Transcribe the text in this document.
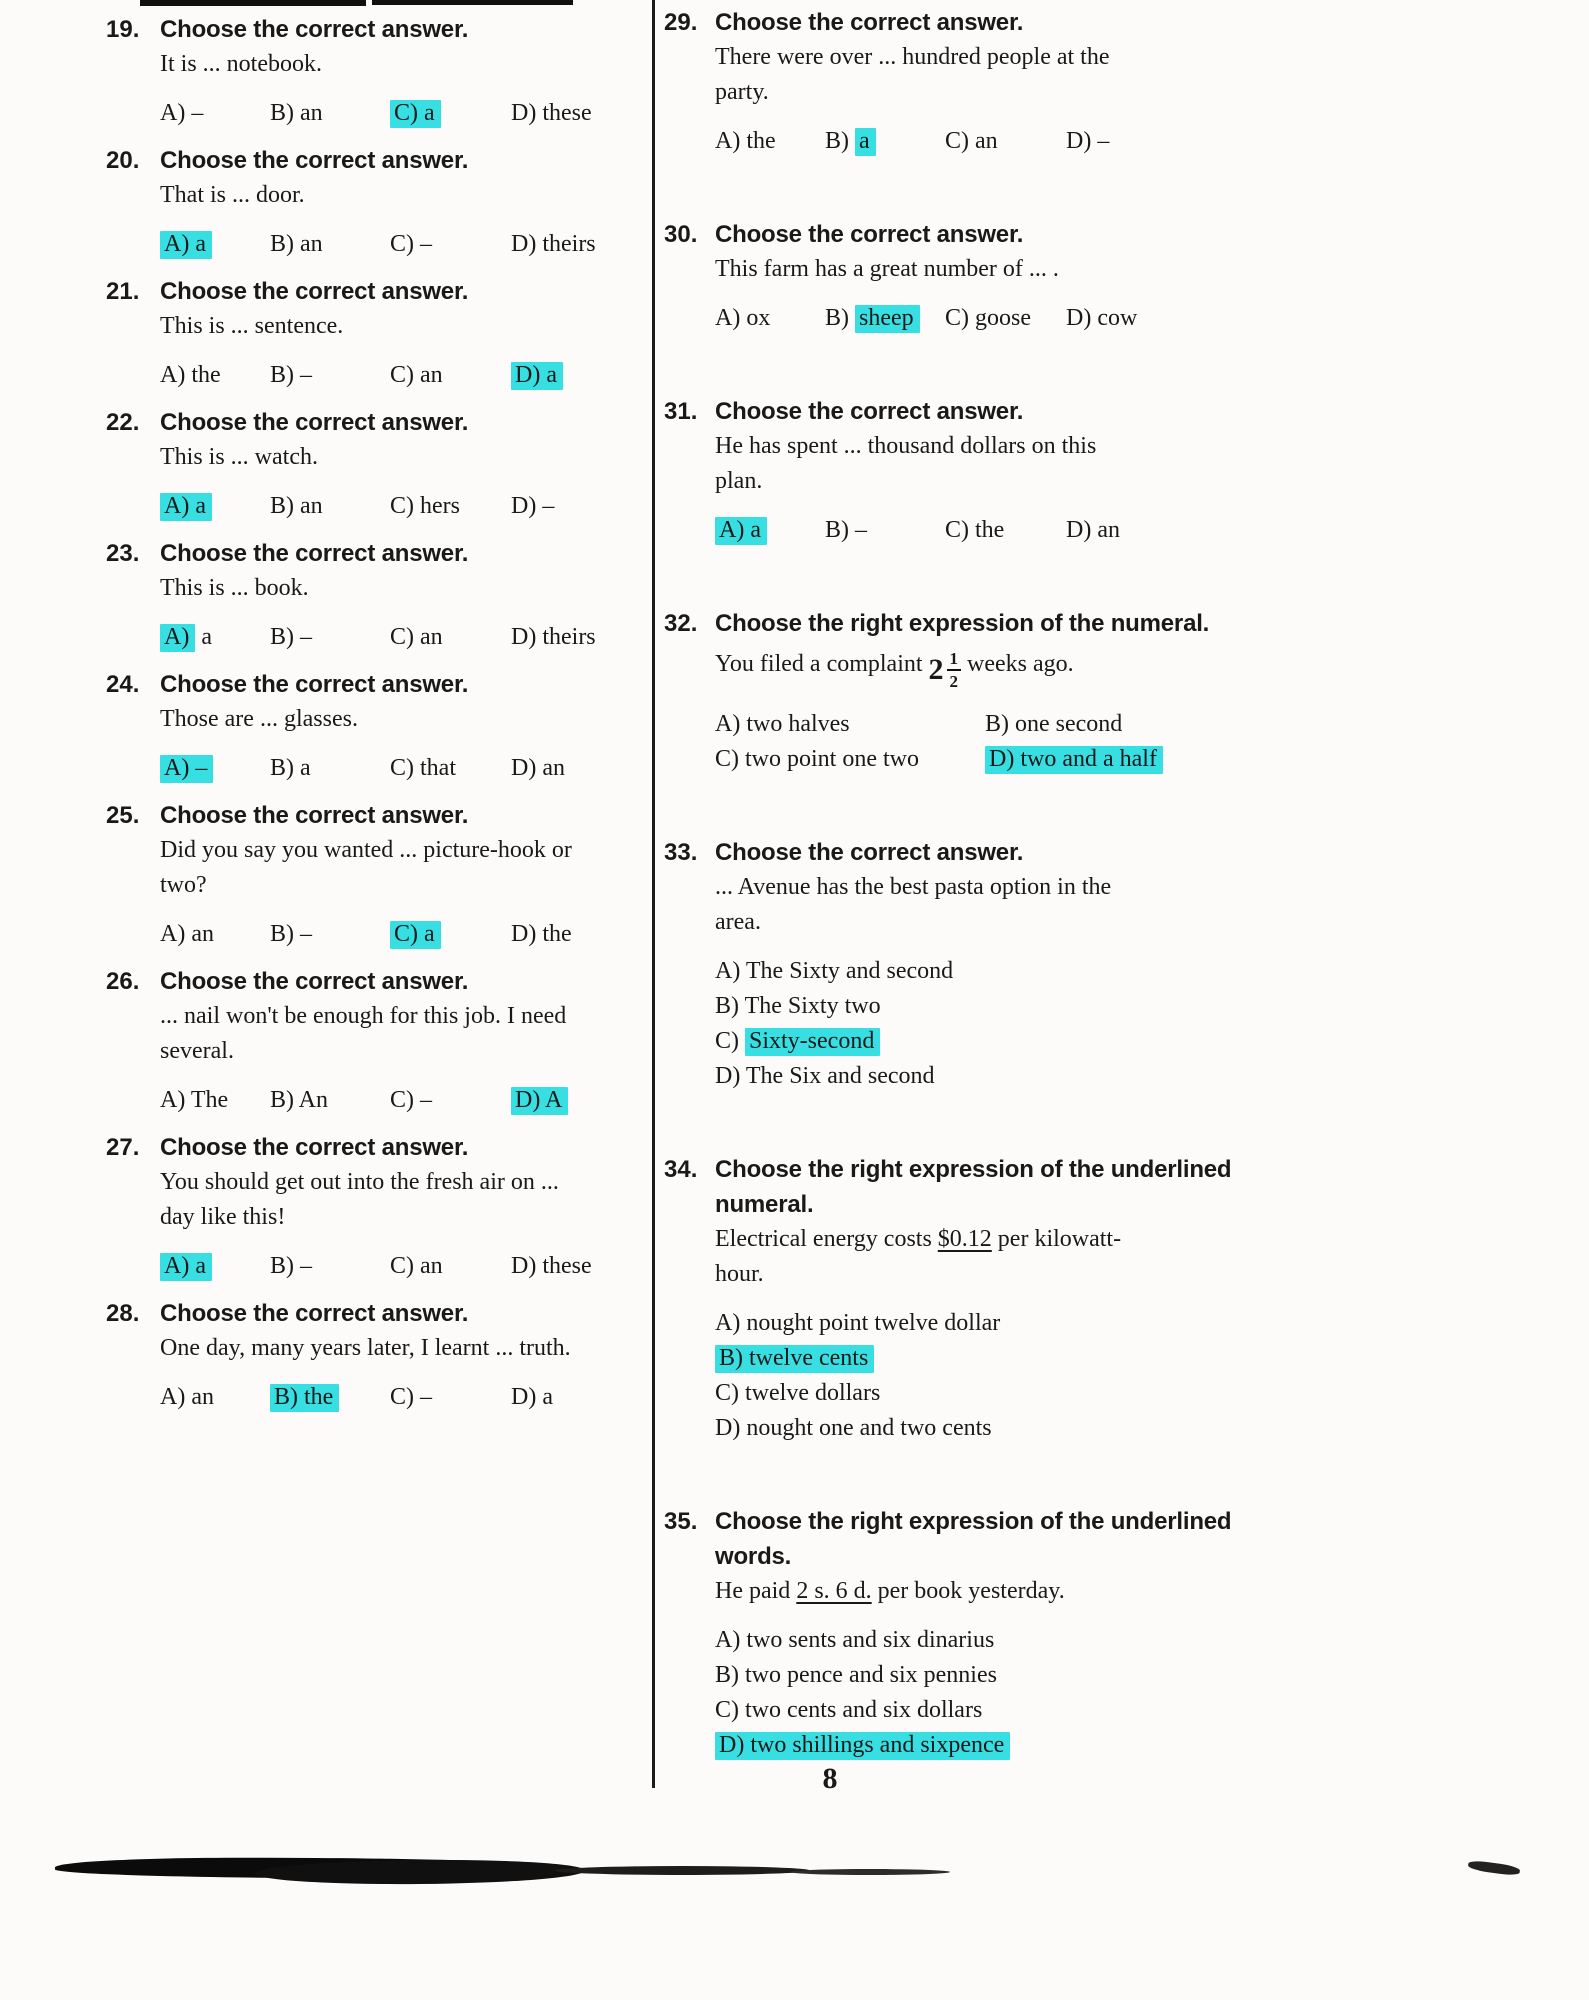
19. Choose the correct answer.
It is ... notebook.
A) –	B) an	C) a	D) these
20. Choose the correct answer.
That is ... door.
A) a	B) an	C) –	D) theirs
21. Choose the correct answer.
This is ... sentence.
A) the	B) –	C) an	D) a
22. Choose the correct answer.
This is ... watch.
A) a	B) an	C) hers	D) –
23. Choose the correct answer.
This is ... book.
A) a	B) –	C) an	D) theirs
24. Choose the correct answer.
Those are ... glasses.
A) –	B) a	C) that	D) an
25. Choose the correct answer.
Did you say you wanted ... picture-hook or
two?
A) an	B) –	C) a	D) the
26. Choose the correct answer.
... nail won't be enough for this job. I need
several.
A) The	B) An	C) –	D) A
27. Choose the correct answer.
You should get out into the fresh air on ...
day like this!
A) a	B) –	C) an	D) these
28. Choose the correct answer.
One day, many years later, I learnt ... truth.
A) an	B) the	C) –	D) a
29. Choose the correct answer.
There were over ... hundred people at the
party.
A) the	B) a	C) an	D) –
30. Choose the correct answer.
This farm has a great number of ... .
A) ox	B) sheep	C) goose	D) cow
31. Choose the correct answer.
He has spent ... thousand dollars on this
plan.
A) a	B) –	C) the	D) an
32. Choose the right expression of the numeral.
You filed a complaint $2 \frac{1}{2}$ weeks ago.
A) two halves	B) one second
C) two point one two	D) two and a half
33. Choose the correct answer.
... Avenue has the best pasta option in the
area.
A) The Sixty and second
B) The Sixty two
C) Sixty-second
D) The Six and second
34. Choose the right expression of the underlined
numeral.
Electrical energy costs $0.12 per kilowatt-
hour.
A) nought point twelve dollar
B) twelve cents
C) twelve dollars
D) nought one and two cents
35. Choose the right expression of the underlined
words.
He paid 2 s. 6 d. per book yesterday.
A) two sents and six dinarius
B) two pence and six pennies
C) two cents and six dollars
D) two shillings and sixpence
8
